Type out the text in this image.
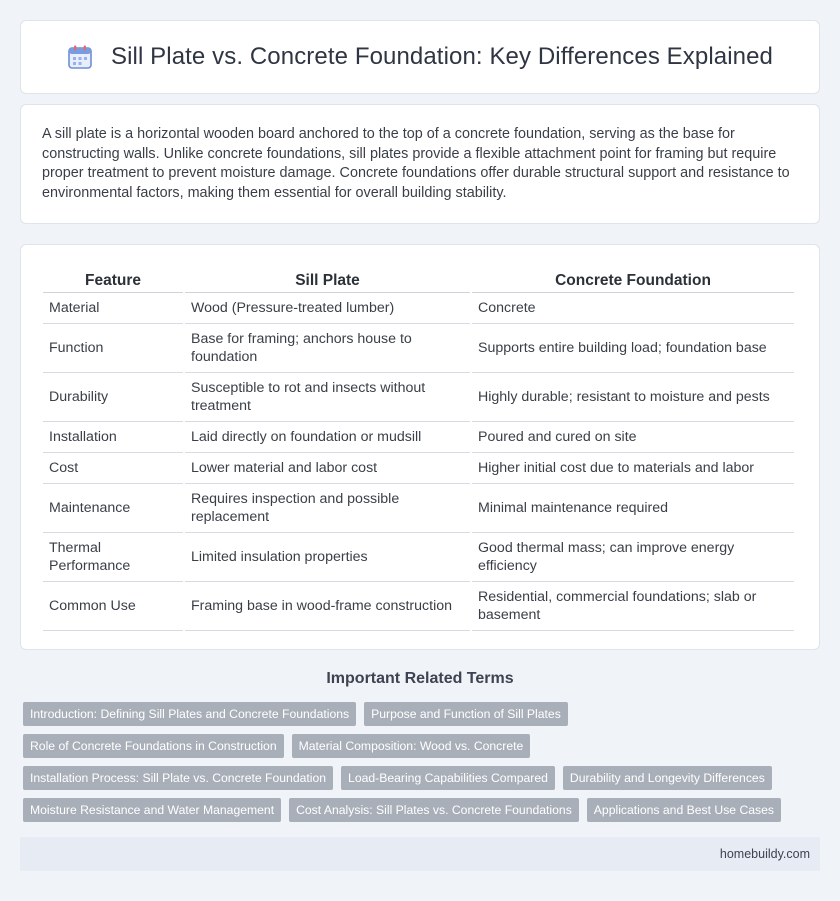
Sill Plate vs. Concrete Foundation: Key Differences Explained

A sill plate is a horizontal wooden board anchored to the top of a concrete foundation, serving as the base for constructing walls. Unlike concrete foundations, sill plates provide a flexible attachment point for framing but require proper treatment to prevent moisture damage. Concrete foundations offer durable structural support and resistance to environmental factors, making them essential for overall building stability.

Feature	Sill Plate	Concrete Foundation
Material	Wood (Pressure-treated lumber)	Concrete
Function	Base for framing; anchors house to foundation	Supports entire building load; foundation base
Durability	Susceptible to rot and insects without treatment	Highly durable; resistant to moisture and pests
Installation	Laid directly on foundation or mudsill	Poured and cured on site
Cost	Lower material and labor cost	Higher initial cost due to materials and labor
Maintenance	Requires inspection and possible replacement	Minimal maintenance required
Thermal Performance	Limited insulation properties	Good thermal mass; can improve energy efficiency
Common Use	Framing base in wood-frame construction	Residential, commercial foundations; slab or basement
Important Related Terms
Introduction: Defining Sill Plates and Concrete Foundations	Purpose and Function of Sill Plates
Role of Concrete Foundations in Construction	Material Composition: Wood vs. Concrete
Installation Process: Sill Plate vs. Concrete Foundation	Load-Bearing Capabilities Compared	Durability and Longevity Differences
Moisture Resistance and Water Management	Cost Analysis: Sill Plates vs. Concrete Foundations	Applications and Best Use Cases
homebuildy.com
